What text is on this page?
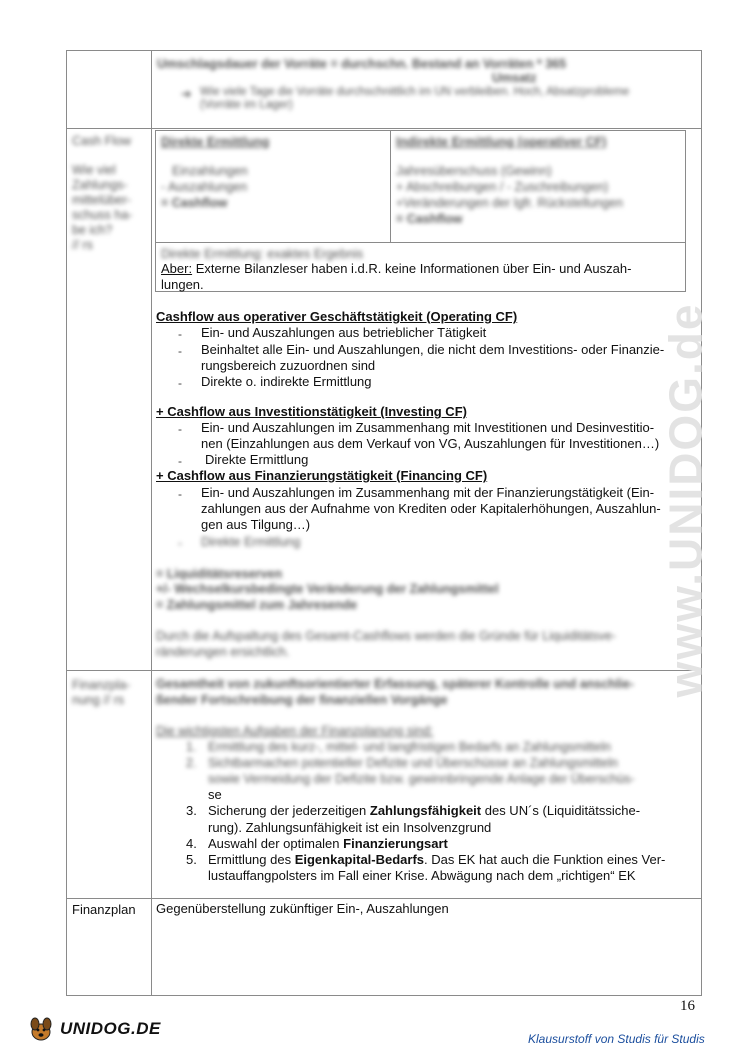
www.UNIDOG.de
Umschlagsdauer der Vorräte = durchschn. Bestand an Vorräten * 365
Umsatz
➔ Wie viele Tage die Vorräte durchschnittlich im UN verbleiben. Hoch, Absatzprobleme (Vorräte im Lager)
Cash Flow
Wie viel
Zahlungs-
mittelüber-
schuss ha-
be ich?
// rs
Direkte Ermittlung
Einzahlungen
- Auszahlungen
= Cashflow
Indirekte Ermittlung (operativer CF)
Jahresüberschuss (Gewinn)
+ Abschreibungen / - Zuschreibungen)
+Veränderungen der lgfr. Rückstellungen
= Cashflow
Direkte Ermittlung: exaktes Ergebnis
Aber: Externe Bilanzleser haben i.d.R. keine Informationen über Ein- und Auszah-
lungen.
Cashflow aus operativer Geschäftstätigkeit (Operating CF)
- Ein- und Auszahlungen aus betrieblicher Tätigkeit
- Beinhaltet alle Ein- und Auszahlungen, die nicht dem Investitions- oder Finanzie-
rungsbereich zuzuordnen sind
- Direkte o. indirekte Ermittlung
+ Cashflow aus Investitionstätigkeit (Investing CF)
- Ein- und Auszahlungen im Zusammenhang mit Investitionen und Desinvestitio-
nen (Einzahlungen aus dem Verkauf von VG, Auszahlungen für Investitionen…)
- Direkte Ermittlung
+ Cashflow aus Finanzierungstätigkeit (Financing CF)
- Ein- und Auszahlungen im Zusammenhang mit der Finanzierungstätigkeit (Ein-
zahlungen aus der Aufnahme von Krediten oder Kapitalerhöhungen, Auszahlun-
gen aus Tilgung…)
- Direkte Ermittlung
= Liquiditätsreserven
+/- Wechselkursbedingte Veränderung der Zahlungsmittel
= Zahlungsmittel zum Jahresende
Durch die Aufspaltung des Gesamt-Cashflows werden die Gründe für Liquiditätsve-
ränderungen ersichtlich.
Finanzpla-
nung // rs
Gesamtheit von zukunftsorientierter Erfassung, späterer Kontrolle und anschlie-
ßender Fortschreibung der finanziellen Vorgänge
Die wichtigsten Aufgaben der Finanzplanung sind:
1. Ermittlung des kurz-, mittel- und langfristigen Bedarfs an Zahlungsmitteln
2. Sichtbarmachen potentieller Defizite und Überschüsse an Zahlungsmitteln
sowie Vermeidung der Defizite bzw. gewinnbringende Anlage der Überschüs-
se
3. Sicherung der jederzeitigen Zahlungsfähigkeit des UN´s (Liquiditätssiche-
rung). Zahlungsunfähigkeit ist ein Insolvenzgrund
4. Auswahl der optimalen Finanzierungsart
5. Ermittlung des Eigenkapital-Bedarfs. Das EK hat auch die Funktion eines Ver-
lustauffangpolsters im Fall einer Krise. Abwägung nach dem „richtigen“ EK
Finanzplan Gegenüberstellung zukünftiger Ein-, Auszahlungen
16
UNIDOG.DE
Klausurstoff von Studis für Studis
